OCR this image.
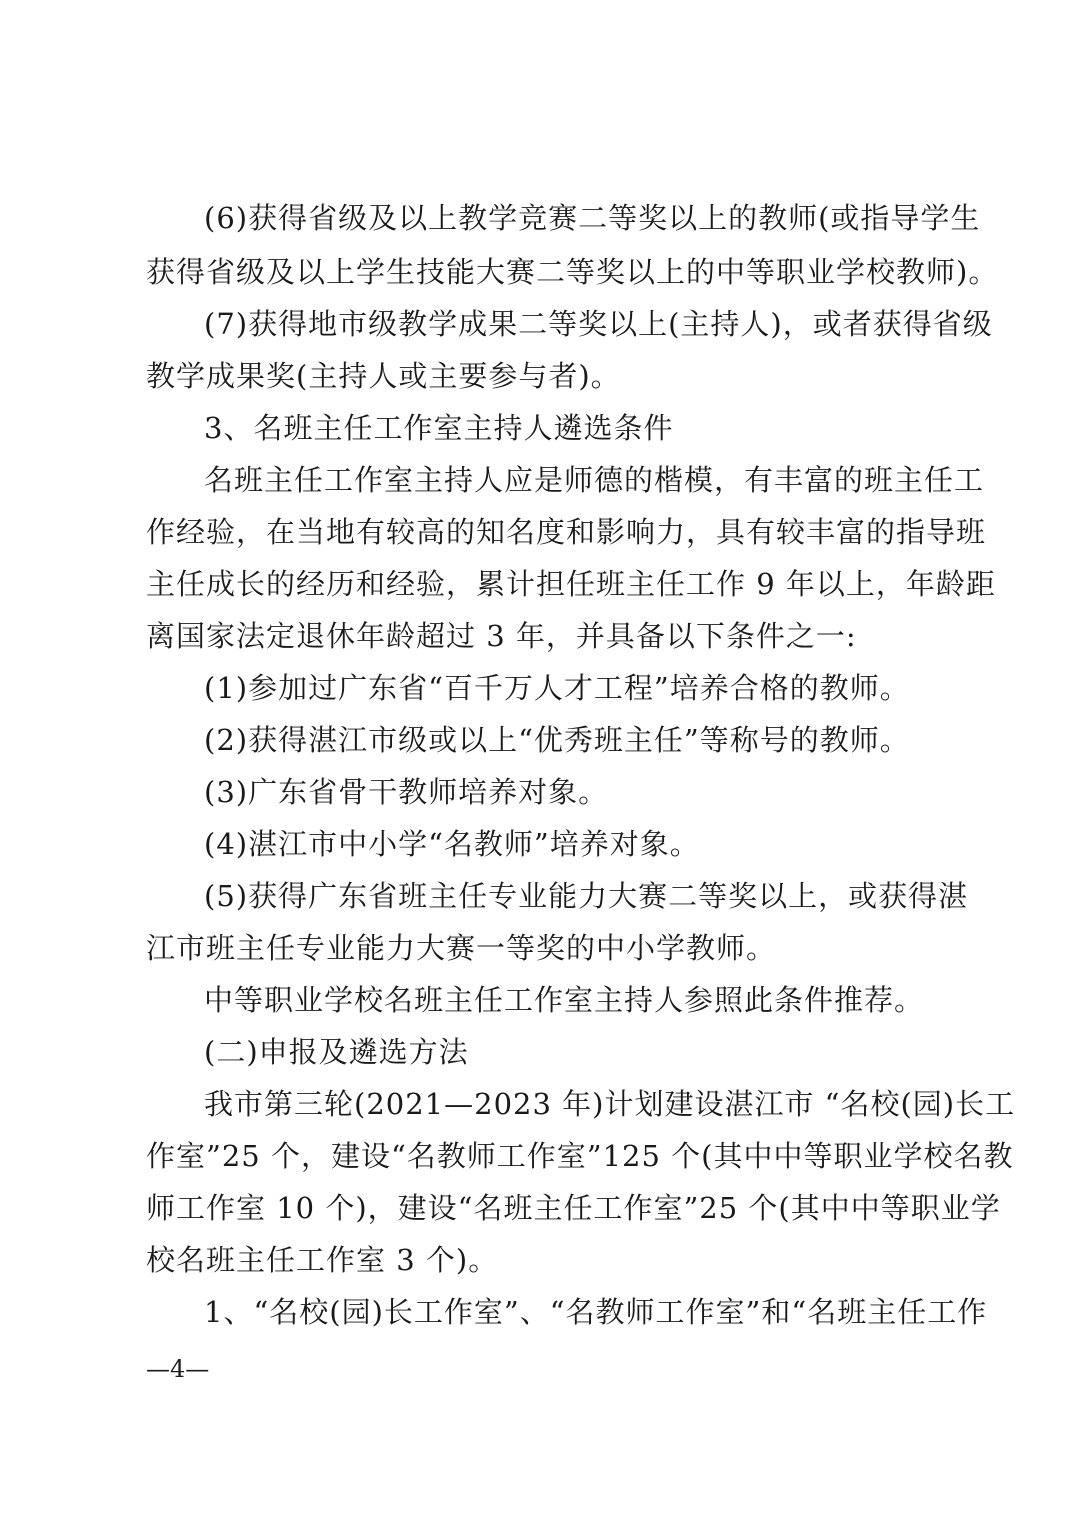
(6)获得省级及以上教学竞赛二等奖以上的教师(或指导学生
获得省级及以上学生技能大赛二等奖以上的中等职业学校教师)。
(7)获得地市级教学成果二等奖以上(主持人)，或者获得省级
教学成果奖(主持人或主要参与者)。
3、名班主任工作室主持人遴选条件
名班主任工作室主持人应是师德的楷模，有丰富的班主任工
作经验，在当地有较高的知名度和影响力，具有较丰富的指导班
主任成长的经历和经验，累计担任班主任工作 9 年以上，年龄距
离国家法定退休年龄超过 3 年，并具备以下条件之一:
(1)参加过广东省“百千万人才工程”培养合格的教师。
(2)获得湛江市级或以上“优秀班主任”等称号的教师。
(3)广东省骨干教师培养对象。
(4)湛江市中小学“名教师”培养对象。
(5)获得广东省班主任专业能力大赛二等奖以上，或获得湛
江市班主任专业能力大赛一等奖的中小学教师。
中等职业学校名班主任工作室主持人参照此条件推荐。
(二)申报及遴选方法
我市第三轮(2021—2023 年)计划建设湛江市 “名校(园)长工
作室”25 个，建设“名教师工作室”125 个(其中中等职业学校名教
师工作室 10 个)，建设“名班主任工作室”25 个(其中中等职业学
校名班主任工作室 3 个)。
1、“名校(园)长工作室”、“名教师工作室”和“名班主任工作
—4—
